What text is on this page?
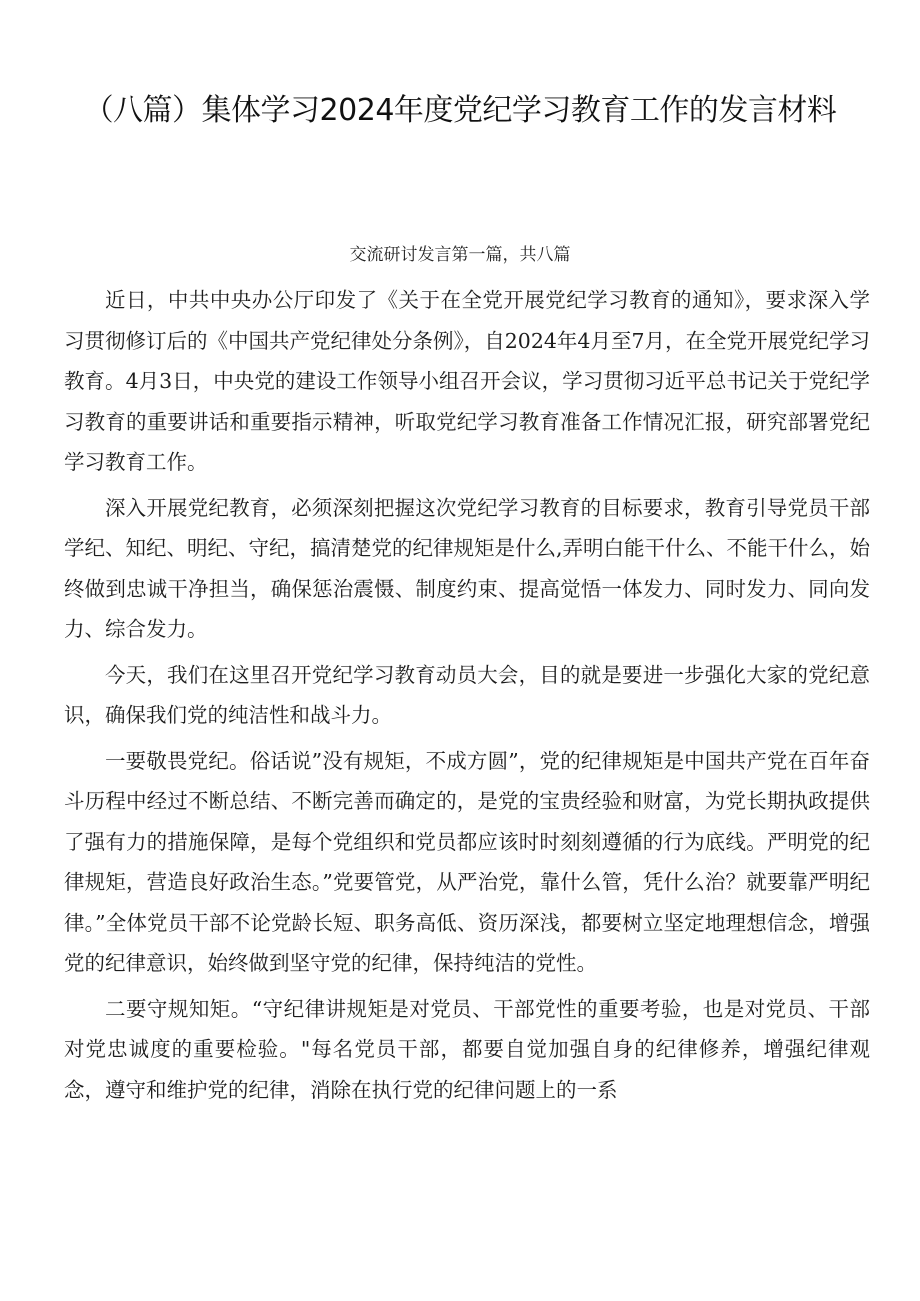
（八篇）集体学习2024年度党纪学习教育工作的发言材料
交流研讨发言第一篇，共八篇

近日，中共中央办公厅印发了《关于在全党开展党纪学习教育的通知》，要求深入学习贯彻修订后的《中国共产党纪律处分条例》，自2024年4月至7月，在全党开展党纪学习教育。4月3日，中央党的建设工作领导小组召开会议，学习贯彻习近平总书记关于党纪学习教育的重要讲话和重要指示精神，听取党纪学习教育准备工作情况汇报，研究部署党纪学习教育工作。

深入开展党纪教育，必须深刻把握这次党纪学习教育的目标要求，教育引导党员干部学纪、知纪、明纪、守纪，搞清楚党的纪律规矩是什么,弄明白能干什么、不能干什么，始终做到忠诚干净担当，确保惩治震慑、制度约束、提高觉悟一体发力、同时发力、同向发力、综合发力。

今天，我们在这里召开党纪学习教育动员大会，目的就是要进一步强化大家的党纪意识，确保我们党的纯洁性和战斗力。

一要敬畏党纪。俗话说”没有规矩，不成方圆”，党的纪律规矩是中国共产党在百年奋斗历程中经过不断总结、不断完善而确定的，是党的宝贵经验和财富，为党长期执政提供了强有力的措施保障，是每个党组织和党员都应该时时刻刻遵循的行为底线。严明党的纪律规矩，营造良好政治生态。”党要管党，从严治党，靠什么管，凭什么治？就要靠严明纪律。”全体党员干部不论党龄长短、职务高低、资历深浅，都要树立坚定地理想信念，增强党的纪律意识，始终做到坚守党的纪律，保持纯洁的党性。

二要守规知矩。“守纪律讲规矩是对党员、干部党性的重要考验，也是对党员、干部对党忠诚度的重要检验。"每名党员干部，都要自觉加强自身的纪律修养，增强纪律观念，遵守和维护党的纪律，消除在执行党的纪律问题上的一系
